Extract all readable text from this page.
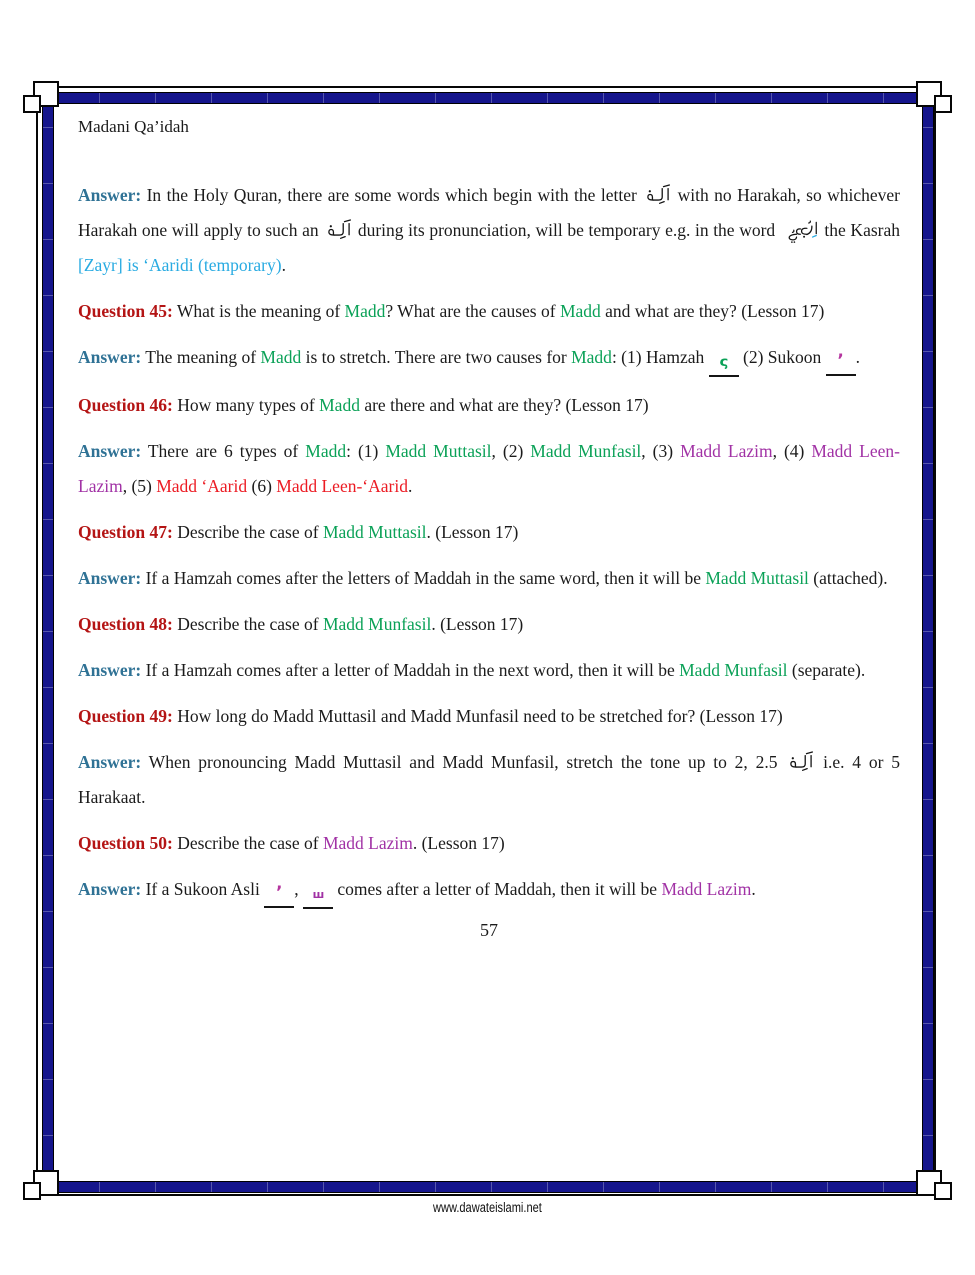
Madani Qa’idah

Answer: In the Holy Quran, there are some words which begin with the letter
with no Harakah, so whichever Harakah one will apply to such an
during its pronunciation, will be temporary e.g. in the word
the Kasrah [Zayr] is ‘Aaridi (temporary).

Question 45: What is the meaning of Madd? What are the causes of Madd and what are they? (Lesson 17)

Answer: The meaning of Madd is to stretch. There are two causes for Madd: (1) Hamzah ς (2) Sukoon ’ .

Question 46: How many types of Madd are there and what are they? (Lesson 17)

Answer: There are 6 types of Madd: (1) Madd Muttasil, (2) Madd Munfasil, (3) Madd Lazim, (4) Madd Leen-Lazim, (5) Madd ‘Aarid (6) Madd Leen-‘Aarid.

Question 47: Describe the case of Madd Muttasil. (Lesson 17)

Answer: If a Hamzah comes after the letters of Maddah in the same word, then it will be Madd Muttasil (attached).

Question 48: Describe the case of Madd Munfasil. (Lesson 17)

Answer: If a Hamzah comes after a letter of Maddah in the next word, then it will be Madd Munfasil (separate).

Question 49: How long do Madd Muttasil and Madd Munfasil need to be stretched for? (Lesson 17)

Answer: When pronouncing Madd Muttasil and Madd Munfasil, stretch the tone up to 2, 2.5
i.e. 4 or 5 Harakaat.

Question 50: Describe the case of Madd Lazim. (Lesson 17)

Answer: If a Sukoon Asli ’ , ш comes after a letter of Maddah, then it will be Madd Lazim.

57
www.dawateislami.net
